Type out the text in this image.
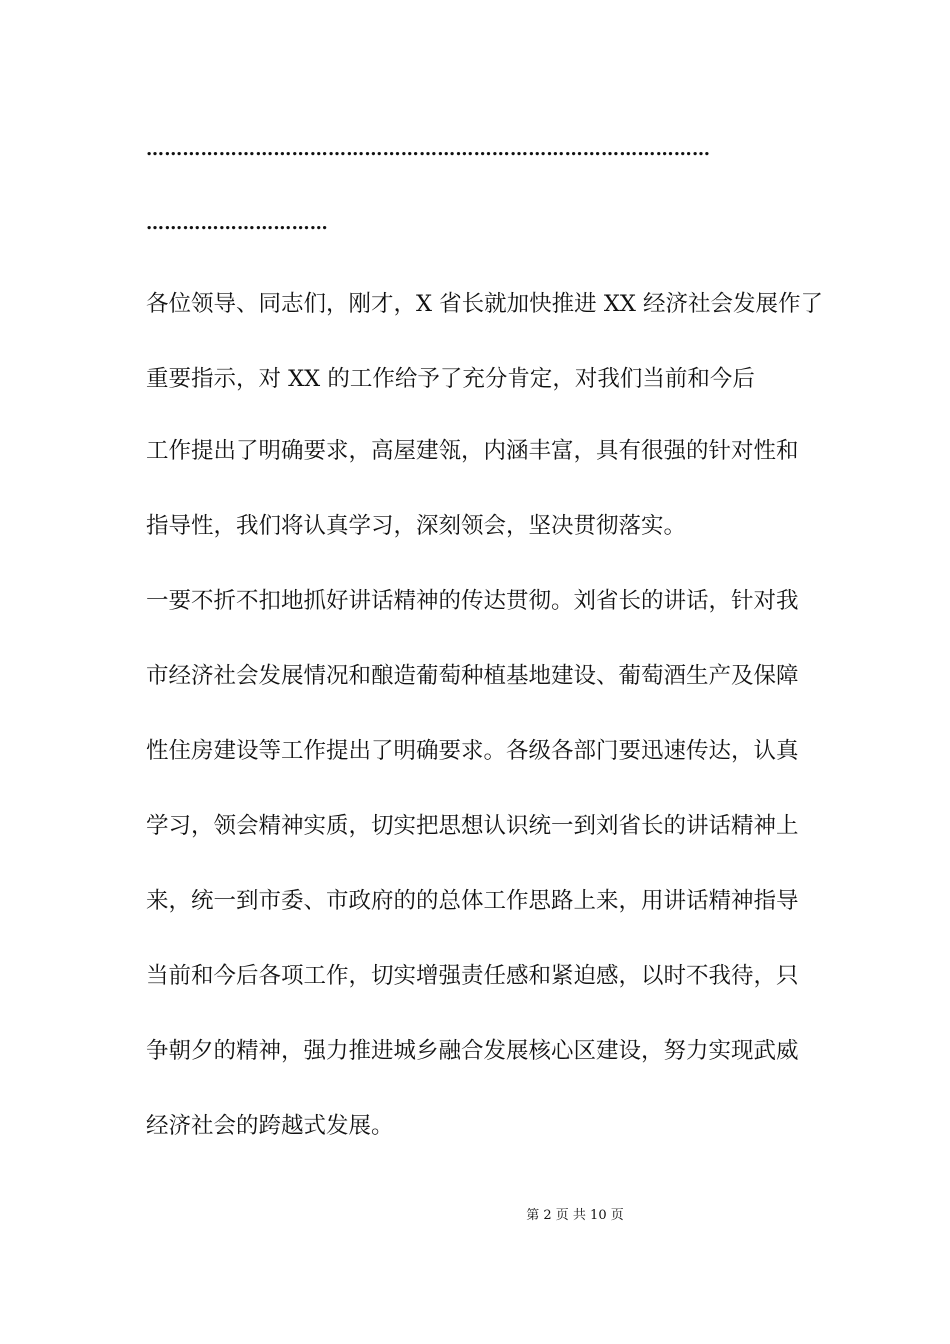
…………………………………………………………………………………
…………………………
各位领导、同志们，刚才，X 省长就加快推进 XX 经济社会发展作了
重要指示，对 XX 的工作给予了充分肯定，对我们当前和今后
工作提出了明确要求，高屋建瓴，内涵丰富，具有很强的针对性和
指导性，我们将认真学习，深刻领会，坚决贯彻落实。
一要不折不扣地抓好讲话精神的传达贯彻。刘省长的讲话，针对我
市经济社会发展情况和酿造葡萄种植基地建设、葡萄酒生产及保障
性住房建设等工作提出了明确要求。各级各部门要迅速传达，认真
学习，领会精神实质，切实把思想认识统一到刘省长的讲话精神上
来，统一到市委、市政府的的总体工作思路上来，用讲话精神指导
当前和今后各项工作，切实增强责任感和紧迫感，以时不我待，只
争朝夕的精神，强力推进城乡融合发展核心区建设，努力实现武威
经济社会的跨越式发展。
第 2 页 共 10 页
